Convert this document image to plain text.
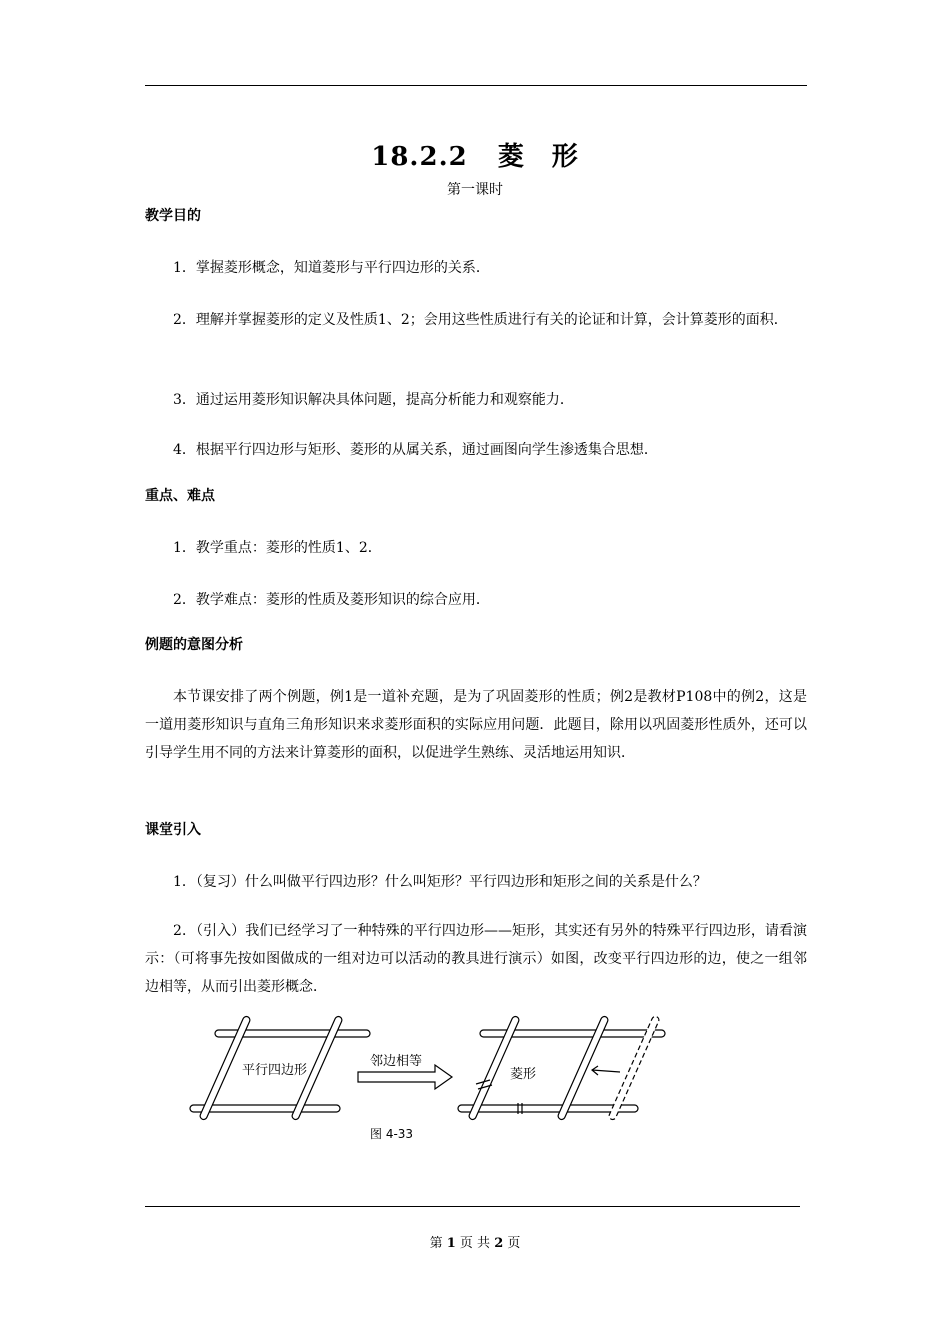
18.2.2 菱　形
第一课时
教学目的

1．掌握菱形概念，知道菱形与平行四边形的关系．

2．理解并掌握菱形的定义及性质1、2；会用这些性质进行有关的论证和计算，会计算菱形的面积．

3．通过运用菱形知识解决具体问题，提高分析能力和观察能力．

4．根据平行四边形与矩形、菱形的从属关系，通过画图向学生渗透集合思想．

重点、难点

1．教学重点：菱形的性质1、2．

2．教学难点：菱形的性质及菱形知识的综合应用．

例题的意图分析

本节课安排了两个例题，例1是一道补充题，是为了巩固菱形的性质；例2是教材P108中的例2，这是一道用菱形知识与直角三角形知识来求菱形面积的实际应用问题．此题目，除用以巩固菱形性质外，还可以引导学生用不同的方法来计算菱形的面积，以促进学生熟练、灵活地运用知识．

课堂引入

1．（复习）什么叫做平行四边形？什么叫矩形？平行四边形和矩形之间的关系是什么？

2．（引入）我们已经学习了一种特殊的平行四边形——矩形，其实还有另外的特殊平行四边形，请看演示：（可将事先按如图做成的一组对边可以活动的教具进行演示）如图，改变平行四边形的边，使之一组邻边相等，从而引出菱形概念．

平行四边形
邻边相等
菱形
图 4-33
第 1 页 共 2 页
